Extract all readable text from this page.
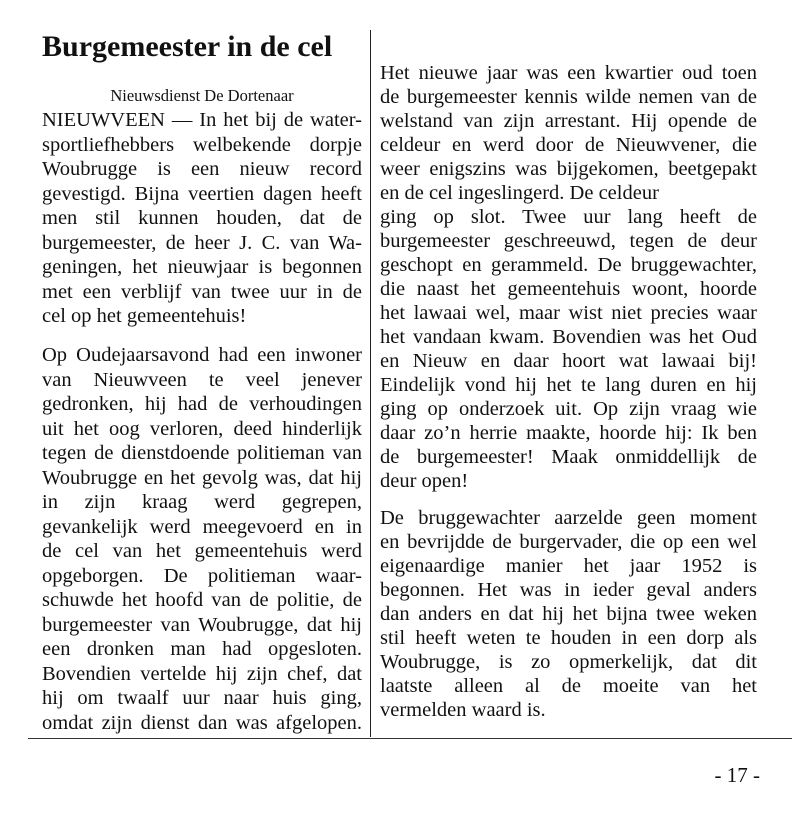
Burgemeester in de cel
Nieuwsdienst De Dortenaar
NIEUWVEEN — In het bij de water-
sportliefhebbers welbekende dorpje
Woubrugge is een nieuw record
gevestigd. Bijna veertien dagen heeft
men stil kunnen houden, dat de
burgemeester, de heer J. C. van Wa-
geningen, het nieuwjaar is begonnen
met een verblijf van twee uur in de
cel op het gemeentehuis!
Op Oudejaarsavond had een inwoner
van Nieuwveen te veel jenever
gedronken, hij had de verhoudingen
uit het oog verloren, deed hinderlijk
tegen de dienstdoende politieman van
Woubrugge en het gevolg was, dat hij
in zijn kraag werd gegrepen,
gevankelijk werd meegevoerd en in
de cel van het gemeentehuis werd
opgeborgen. De politieman waar-
schuwde het hoofd van de politie, de
burgemeester van Woubrugge, dat hij
een dronken man had opgesloten.
Bovendien vertelde hij zijn chef, dat
hij om twaalf uur naar huis ging,
omdat zijn dienst dan was afgelopen.
Het nieuwe jaar was een kwartier oud toen
de burgemeester kennis wilde nemen van de
welstand van zijn arrestant. Hij opende de
celdeur en werd door de Nieuwvener, die
weer enigszins was bijgekomen, beetgepakt
en de cel ingeslingerd. De celdeur
ging op slot. Twee uur lang heeft de
burgemeester geschreeuwd, tegen de deur
geschopt en gerammeld. De bruggewachter,
die naast het gemeentehuis woont, hoorde
het lawaai wel, maar wist niet precies waar
het vandaan kwam. Bovendien was het Oud
en Nieuw en daar hoort wat lawaai bij!
Eindelijk vond hij het te lang duren en hij
ging op onderzoek uit. Op zijn vraag wie
daar zo’n herrie maakte, hoorde hij: Ik ben
de burgemeester! Maak onmiddellijk de
deur open!
De bruggewachter aarzelde geen moment
en bevrijdde de burgervader, die op een wel
eigenaardige manier het jaar 1952 is
begonnen. Het was in ieder geval anders
dan anders en dat hij het bijna twee weken
stil heeft weten te houden in een dorp als
Woubrugge, is zo opmerkelijk, dat dit
laatste alleen al de moeite van het
vermelden waard is.
- 17 -
